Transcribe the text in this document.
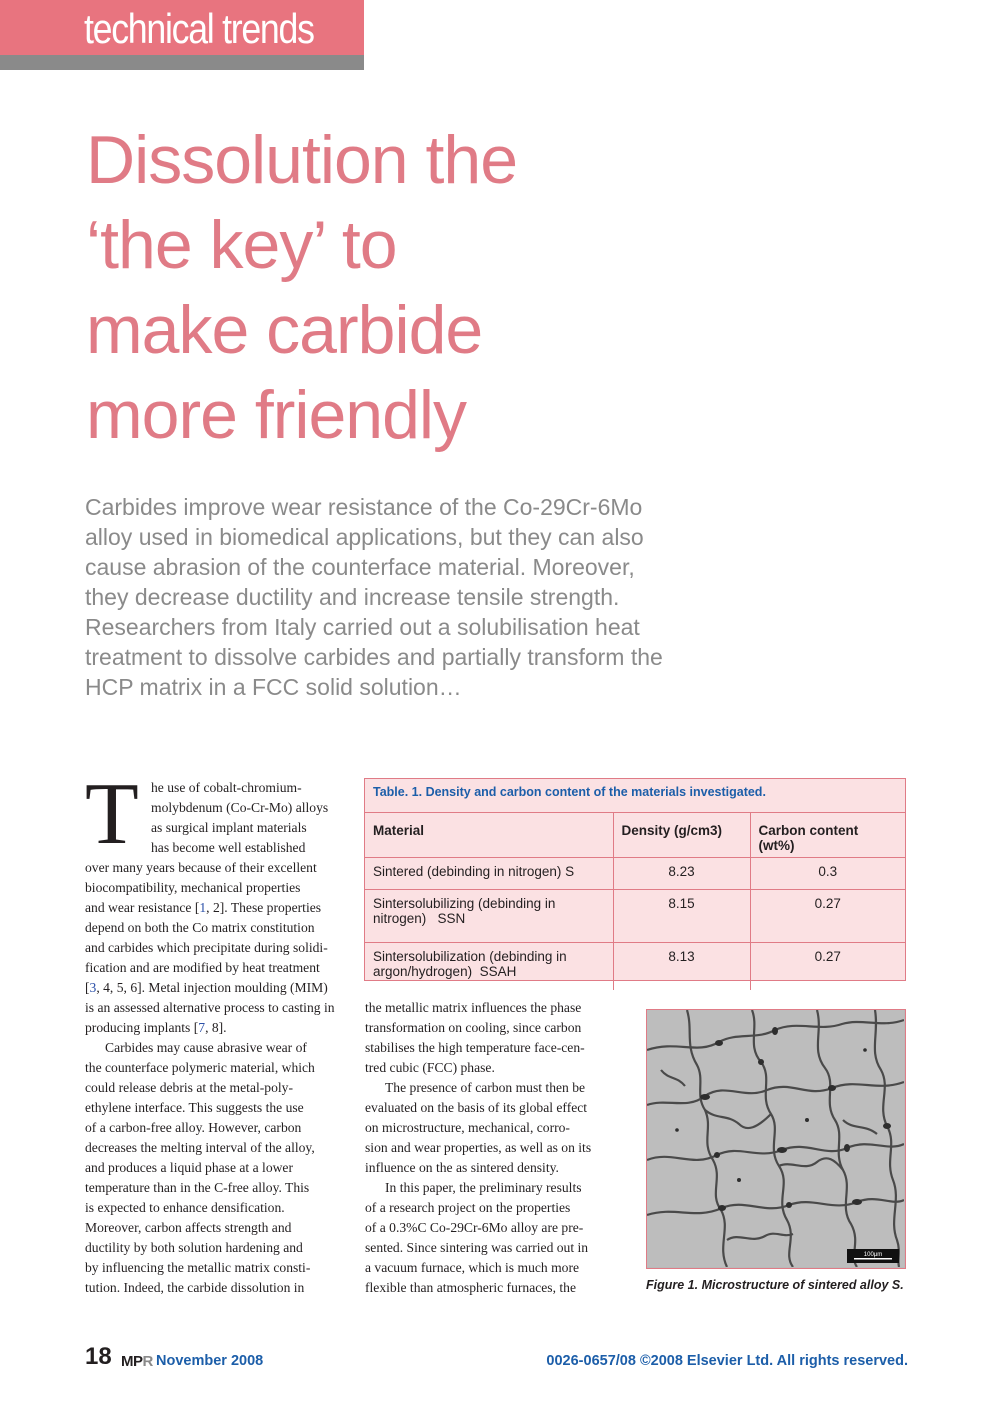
technical trends
Dissolution the
‘the key’ to
make carbide
more friendly
Carbides improve wear resistance of the Co-29Cr-6Mo
alloy used in biomedical applications, but they can also
cause abrasion of the counterface material. Moreover,
they decrease ductility and increase tensile strength.
Researchers from Italy carried out a solubilisation heat
treatment to dissolve carbides and partially transform the
HCP matrix in a FCC solid solution…

T he use of cobalt-chromium-
molybdenum (Co-Cr-Mo) alloys
as surgical implant materials
has become well established
over many years because of their excellent
biocompatibility, mechanical properties
and wear resistance [1, 2]. These properties
depend on both the Co matrix constitution
and carbides which precipitate during solidi-
fication and are modified by heat treatment
[3, 4, 5, 6]. Metal injection moulding (MIM)
is an assessed alternative process to casting in
producing implants [7, 8].

Carbides may cause abrasive wear of
the counterface polymeric material, which
could release debris at the metal-poly-
ethylene interface. This suggests the use
of a carbon-free alloy. However, carbon
decreases the melting interval of the alloy,
and produces a liquid phase at a lower
temperature than in the C-free alloy. This
is expected to enhance densification.
Moreover, carbon affects strength and
ductility by both solution hardening and
by influencing the metallic matrix consti-
tution. Indeed, the carbide dissolution in

Table. 1. Density and carbon content of the materials investigated.
Material	Density (g/cm3)	Carbon content (wt%)

Sintered (debinding in nitrogen) S	8.23	0.3

Sintersolubilizing (debinding in
nitrogen)   SSN	8.15	0.27

Sintersolubilization (debinding in
argon/hydrogen)  SSAH	8.13	0.27

the metallic matrix influences the phase
transformation on cooling, since carbon
stabilises the high temperature face-cen-
tred cubic (FCC) phase.

The presence of carbon must then be
evaluated on the basis of its global effect
on microstructure, mechanical, corro-
sion and wear properties, as well as on its
influence on the as sintered density.

In this paper, the preliminary results
of a research project on the properties
of a 0.3%C Co-29Cr-6Mo alloy are pre-
sented. Since sintering was carried out in
a vacuum furnace, which is much more
flexible than atmospheric furnaces, the

100μm
Figure 1. Microstructure of sintered alloy S.
18 MPR November 2008	0026-0657/08 ©2008 Elsevier Ltd. All rights reserved.
